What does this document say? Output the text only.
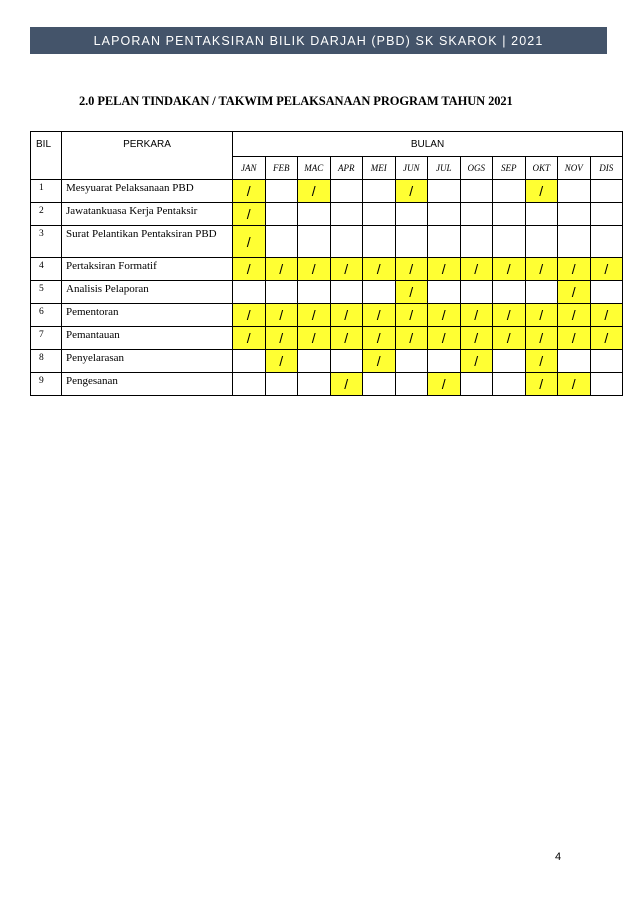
LAPORAN PENTAKSIRAN BILIK DARJAH (PBD) SK SKAROK | 2021
2.0 PELAN TINDAKAN / TAKWIM PELAKSANAAN PROGRAM TAHUN 2021
BIL	PERKARA	BULAN											
		JAN	FEB	MAC	APR	MEI	JUN	JUL	OGS	SEP	OKT	NOV	DIS
1	Mesyuarat Pelaksanaan PBD	/		/			/				/		
2	Jawatankuasa Kerja Pentaksir	/											
3	Surat Pelantikan Pentaksiran PBD	/											
4	Pertaksiran Formatif	/	/	/	/	/	/	/	/	/	/	/	/
5	Analisis Pelaporan						/					/	
6	Pementoran	/	/	/	/	/	/	/	/	/	/	/	/
7	Pemantauan	/	/	/	/	/	/	/	/	/	/	/	/
8	Penyelarasan		/			/			/		/		
9	Pengesanan				/			/			/	/	
4
